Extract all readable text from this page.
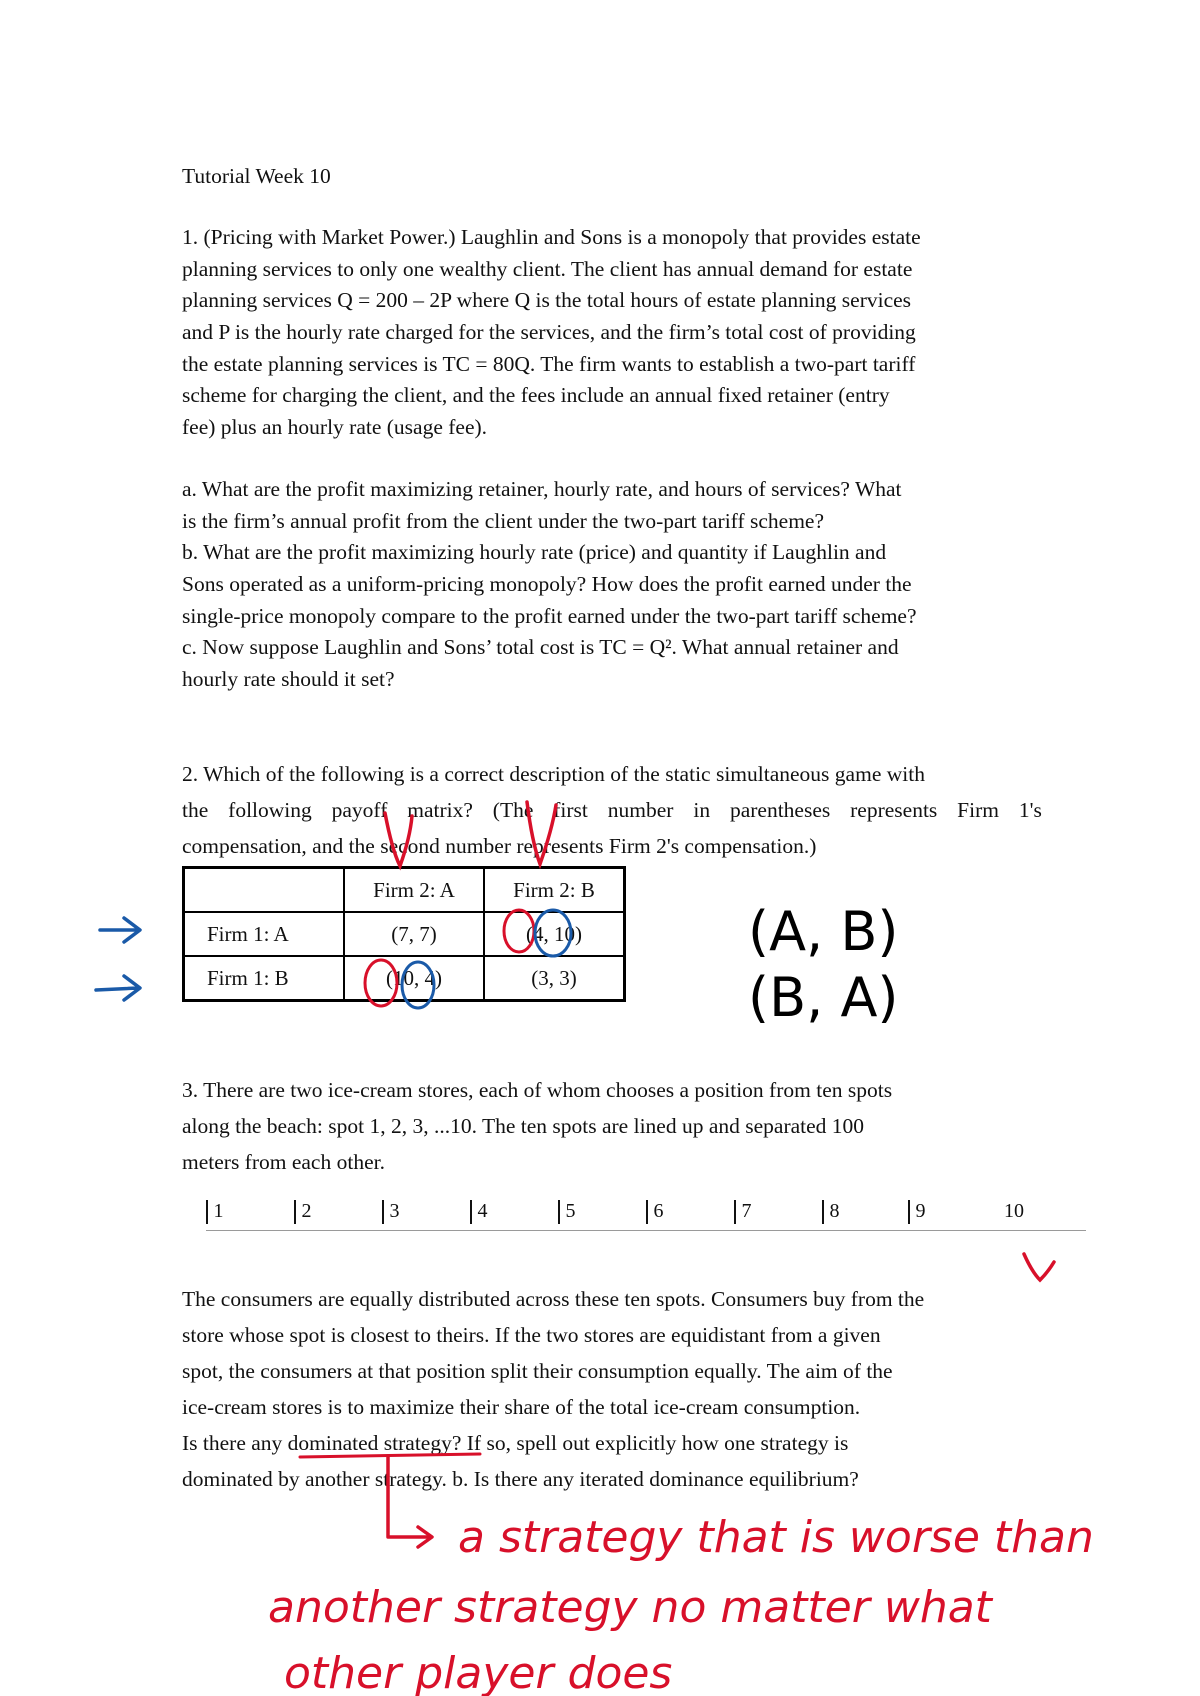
Tutorial Week 10
1. (Pricing with Market Power.) Laughlin and Sons is a monopoly that provides estate
planning services to only one wealthy client. The client has annual demand for estate
planning services Q = 200 – 2P where Q is the total hours of estate planning services
and P is the hourly rate charged for the services, and the firm’s total cost of providing
the estate planning services is TC = 80Q. The firm wants to establish a two-part tariff
scheme for charging the client, and the fees include an annual fixed retainer (entry
fee) plus an hourly rate (usage fee).
a. What are the profit maximizing retainer, hourly rate, and hours of services? What
is the firm’s annual profit from the client under the two-part tariff scheme?
b. What are the profit maximizing hourly rate (price) and quantity if Laughlin and
Sons operated as a uniform-pricing monopoly? How does the profit earned under the
single-price monopoly compare to the profit earned under the two-part tariff scheme?
c. Now suppose Laughlin and Sons’ total cost is TC = Q². What annual retainer and
hourly rate should it set?
2. Which of the following is a correct description of the static simultaneous game with
the following payoff matrix? (The first number in parentheses represents Firm 1's
compensation, and the second number represents Firm 2's compensation.)
	Firm 2: A	Firm 2: B
Firm 1: A	(7, 7)	(4, 10)
Firm 1: B	(10, 4)	(3, 3)
3. There are two ice-cream stores, each of whom chooses a position from ten spots
along the beach: spot 1, 2, 3, ...10. The ten spots are lined up and separated 100
meters from each other.
1	2	3	4	5	6	7	8	9	10
The consumers are equally distributed across these ten spots. Consumers buy from the
store whose spot is closest to theirs. If the two stores are equidistant from a given
spot, the consumers at that position split their consumption equally. The aim of the
ice-cream stores is to maximize their share of the total ice-cream consumption.
Is there any dominated strategy? If so, spell out explicitly how one strategy is
dominated by another strategy. b. Is there any iterated dominance equilibrium?
(A, B)
(B, A)
a strategy that is worse than
another strategy no matter what
other player does
